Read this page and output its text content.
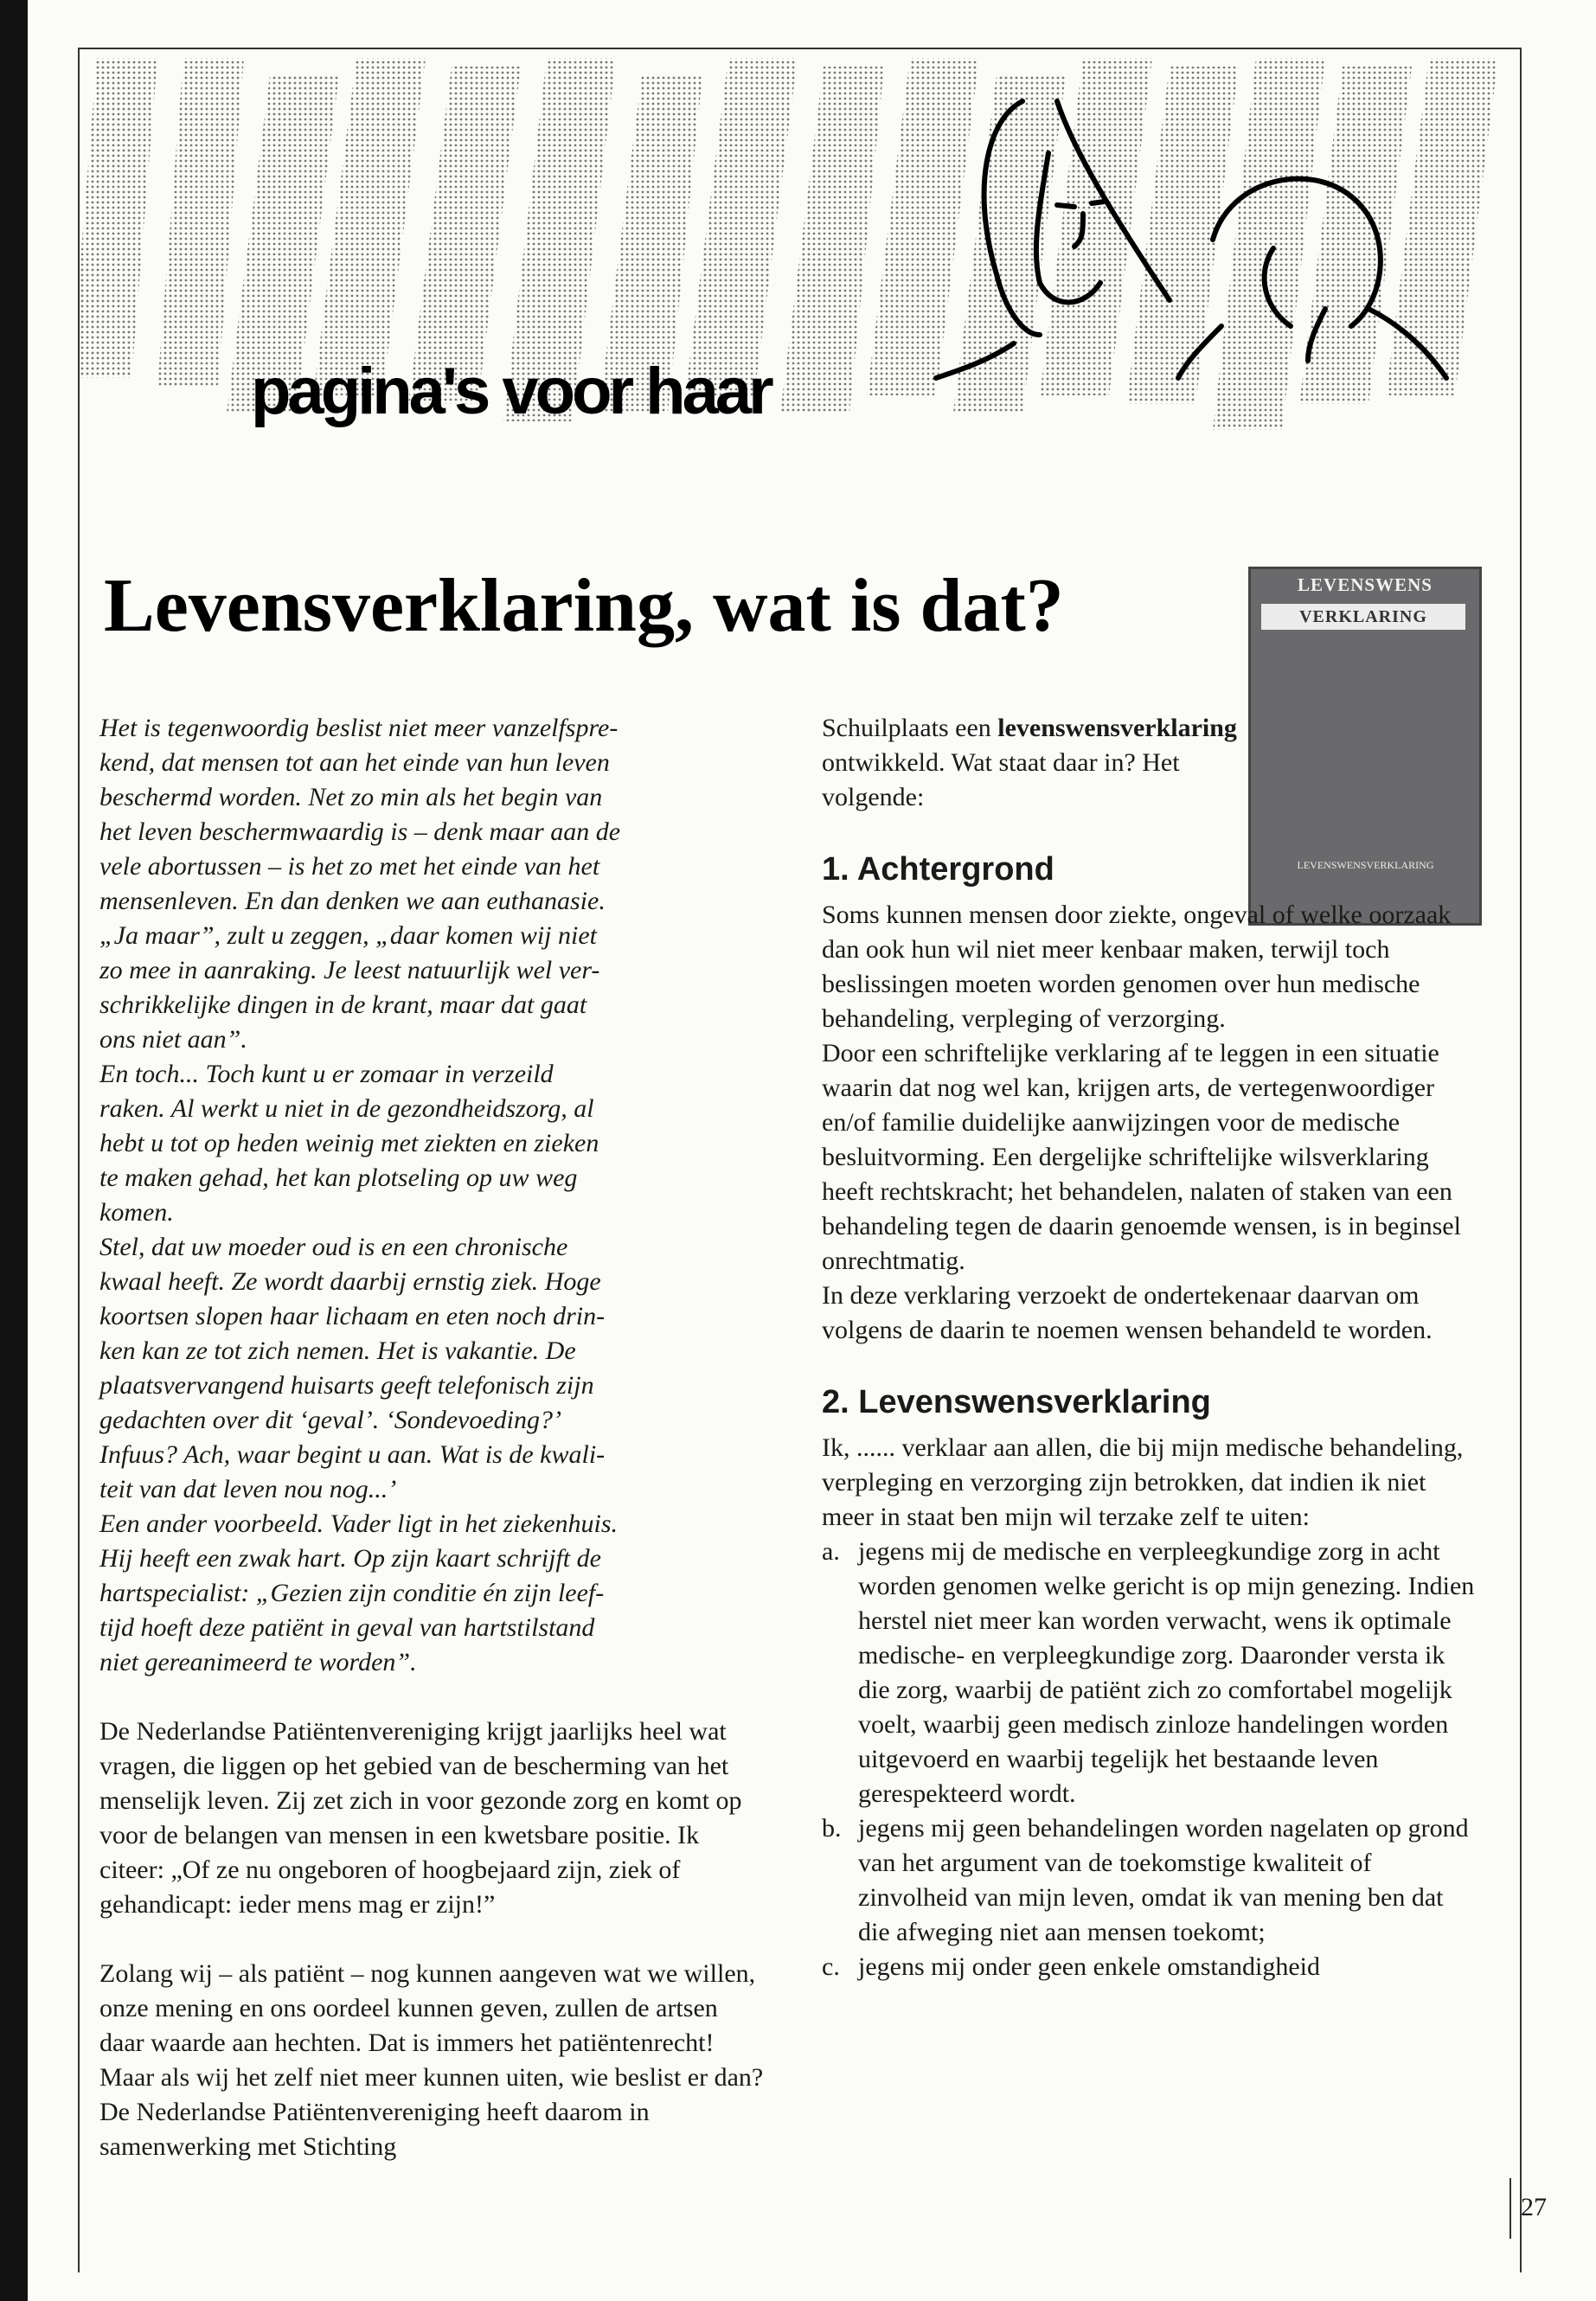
pagina's voor haar
Levensverklaring, wat is dat?	LEVENSWENS
VERKLARING
LEVENSWENSVERKLARING

Het is tegenwoordig beslist niet meer vanzelfspre-

kend, dat mensen tot aan het einde van hun leven

beschermd worden. Net zo min als het begin van

het leven beschermwaardig is – denk maar aan de

vele abortussen – is het zo met het einde van het

mensenleven. En dan denken we aan euthanasie.

„Ja maar”, zult u zeggen, „daar komen wij niet

zo mee in aanraking. Je leest natuurlijk wel ver-

schrikkelijke dingen in de krant, maar dat gaat

ons niet aan”.

En toch... Toch kunt u er zomaar in verzeild

raken. Al werkt u niet in de gezondheidszorg, al

hebt u tot op heden weinig met ziekten en zieken

te maken gehad, het kan plotseling op uw weg

komen.

Stel, dat uw moeder oud is en een chronische

kwaal heeft. Ze wordt daarbij ernstig ziek. Hoge

koortsen slopen haar lichaam en eten noch drin-

ken kan ze tot zich nemen. Het is vakantie. De

plaatsvervangend huisarts geeft telefonisch zijn

gedachten over dit ‘geval’. ‘Sondevoeding?’

Infuus? Ach, waar begint u aan. Wat is de kwali-

teit van dat leven nou nog...’

Een ander voorbeeld. Vader ligt in het ziekenhuis.

Hij heeft een zwak hart. Op zijn kaart schrijft de

hartspecialist: „Gezien zijn conditie én zijn leef-

tijd hoeft deze patiënt in geval van hartstilstand

niet gereanimeerd te worden”.

De Nederlandse Patiëntenvereniging krijgt jaarlijks heel wat vragen, die liggen op het gebied van de bescherming van het menselijk leven. Zij zet zich in voor gezonde zorg en komt op voor de belangen van mensen in een kwetsbare positie. Ik citeer: „Of ze nu ongeboren of hoogbejaard zijn, ziek of gehandicapt: ieder mens mag er zijn!”

Zolang wij – als patiënt – nog kunnen aangeven wat we willen, onze mening en ons oordeel kunnen geven, zullen de artsen daar waarde aan hechten. Dat is immers het patiëntenrecht! Maar als wij het zelf niet meer kunnen uiten, wie beslist er dan? De Nederlandse Patiëntenvereniging heeft daarom in samenwerking met Stichting

Schuilplaats een levenswensverklaring ontwikkeld. Wat staat daar in? Het volgende:

1. Achtergrond

Soms kunnen mensen door ziekte, ongeval of welke oorzaak dan ook hun wil niet meer kenbaar maken, terwijl toch beslissingen moeten worden genomen over hun medische behandeling, verpleging of verzorging.

Door een schriftelijke verklaring af te leggen in een situatie waarin dat nog wel kan, krijgen arts, de vertegenwoordiger en/of familie duidelijke aanwijzingen voor de medische besluitvorming. Een dergelijke schriftelijke wilsverklaring heeft rechtskracht; het behandelen, nalaten of staken van een behandeling tegen de daarin genoemde wensen, is in beginsel onrechtmatig.

In deze verklaring verzoekt de ondertekenaar daarvan om volgens de daarin te noemen wensen behandeld te worden.

2. Levenswensverklaring

Ik, ...... verklaar aan allen, die bij mijn medische behandeling, verpleging en verzorging zijn betrokken, dat indien ik niet meer in staat ben mijn wil terzake zelf te uiten:

a. jegens mij de medische en verpleegkundige zorg in acht worden genomen welke gericht is op mijn genezing. Indien herstel niet meer kan worden verwacht, wens ik optimale medische- en verpleegkundige zorg. Daaronder versta ik die zorg, waarbij de patiënt zich zo comfortabel mogelijk voelt, waarbij geen medisch zinloze handelingen worden uitgevoerd en waarbij tegelijk het bestaande leven gerespekteerd wordt.
b. jegens mij geen behandelingen worden nagelaten op grond van het argument van de toekomstige kwaliteit of zinvolheid van mijn leven, omdat ik van mening ben dat die afweging niet aan mensen toekomt;
c. jegens mij onder geen enkele omstandigheid
27
